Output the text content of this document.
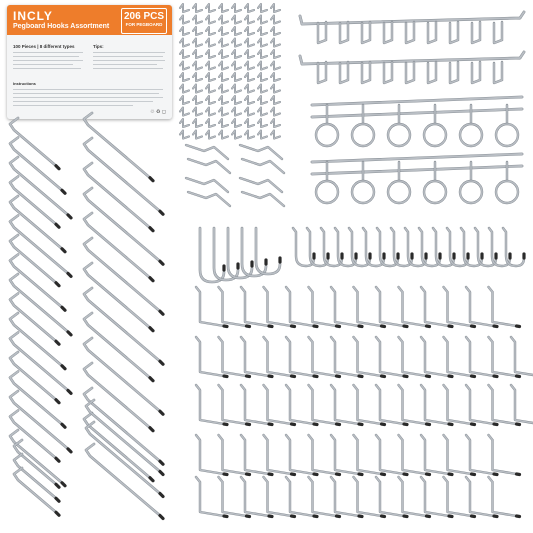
INCLY
Pegboard Hooks Assortment
206 PCS
FOR PEGBOARD
100 Pieces | 8 different types	Tips:
Instructions
♲ ♻ ◻
